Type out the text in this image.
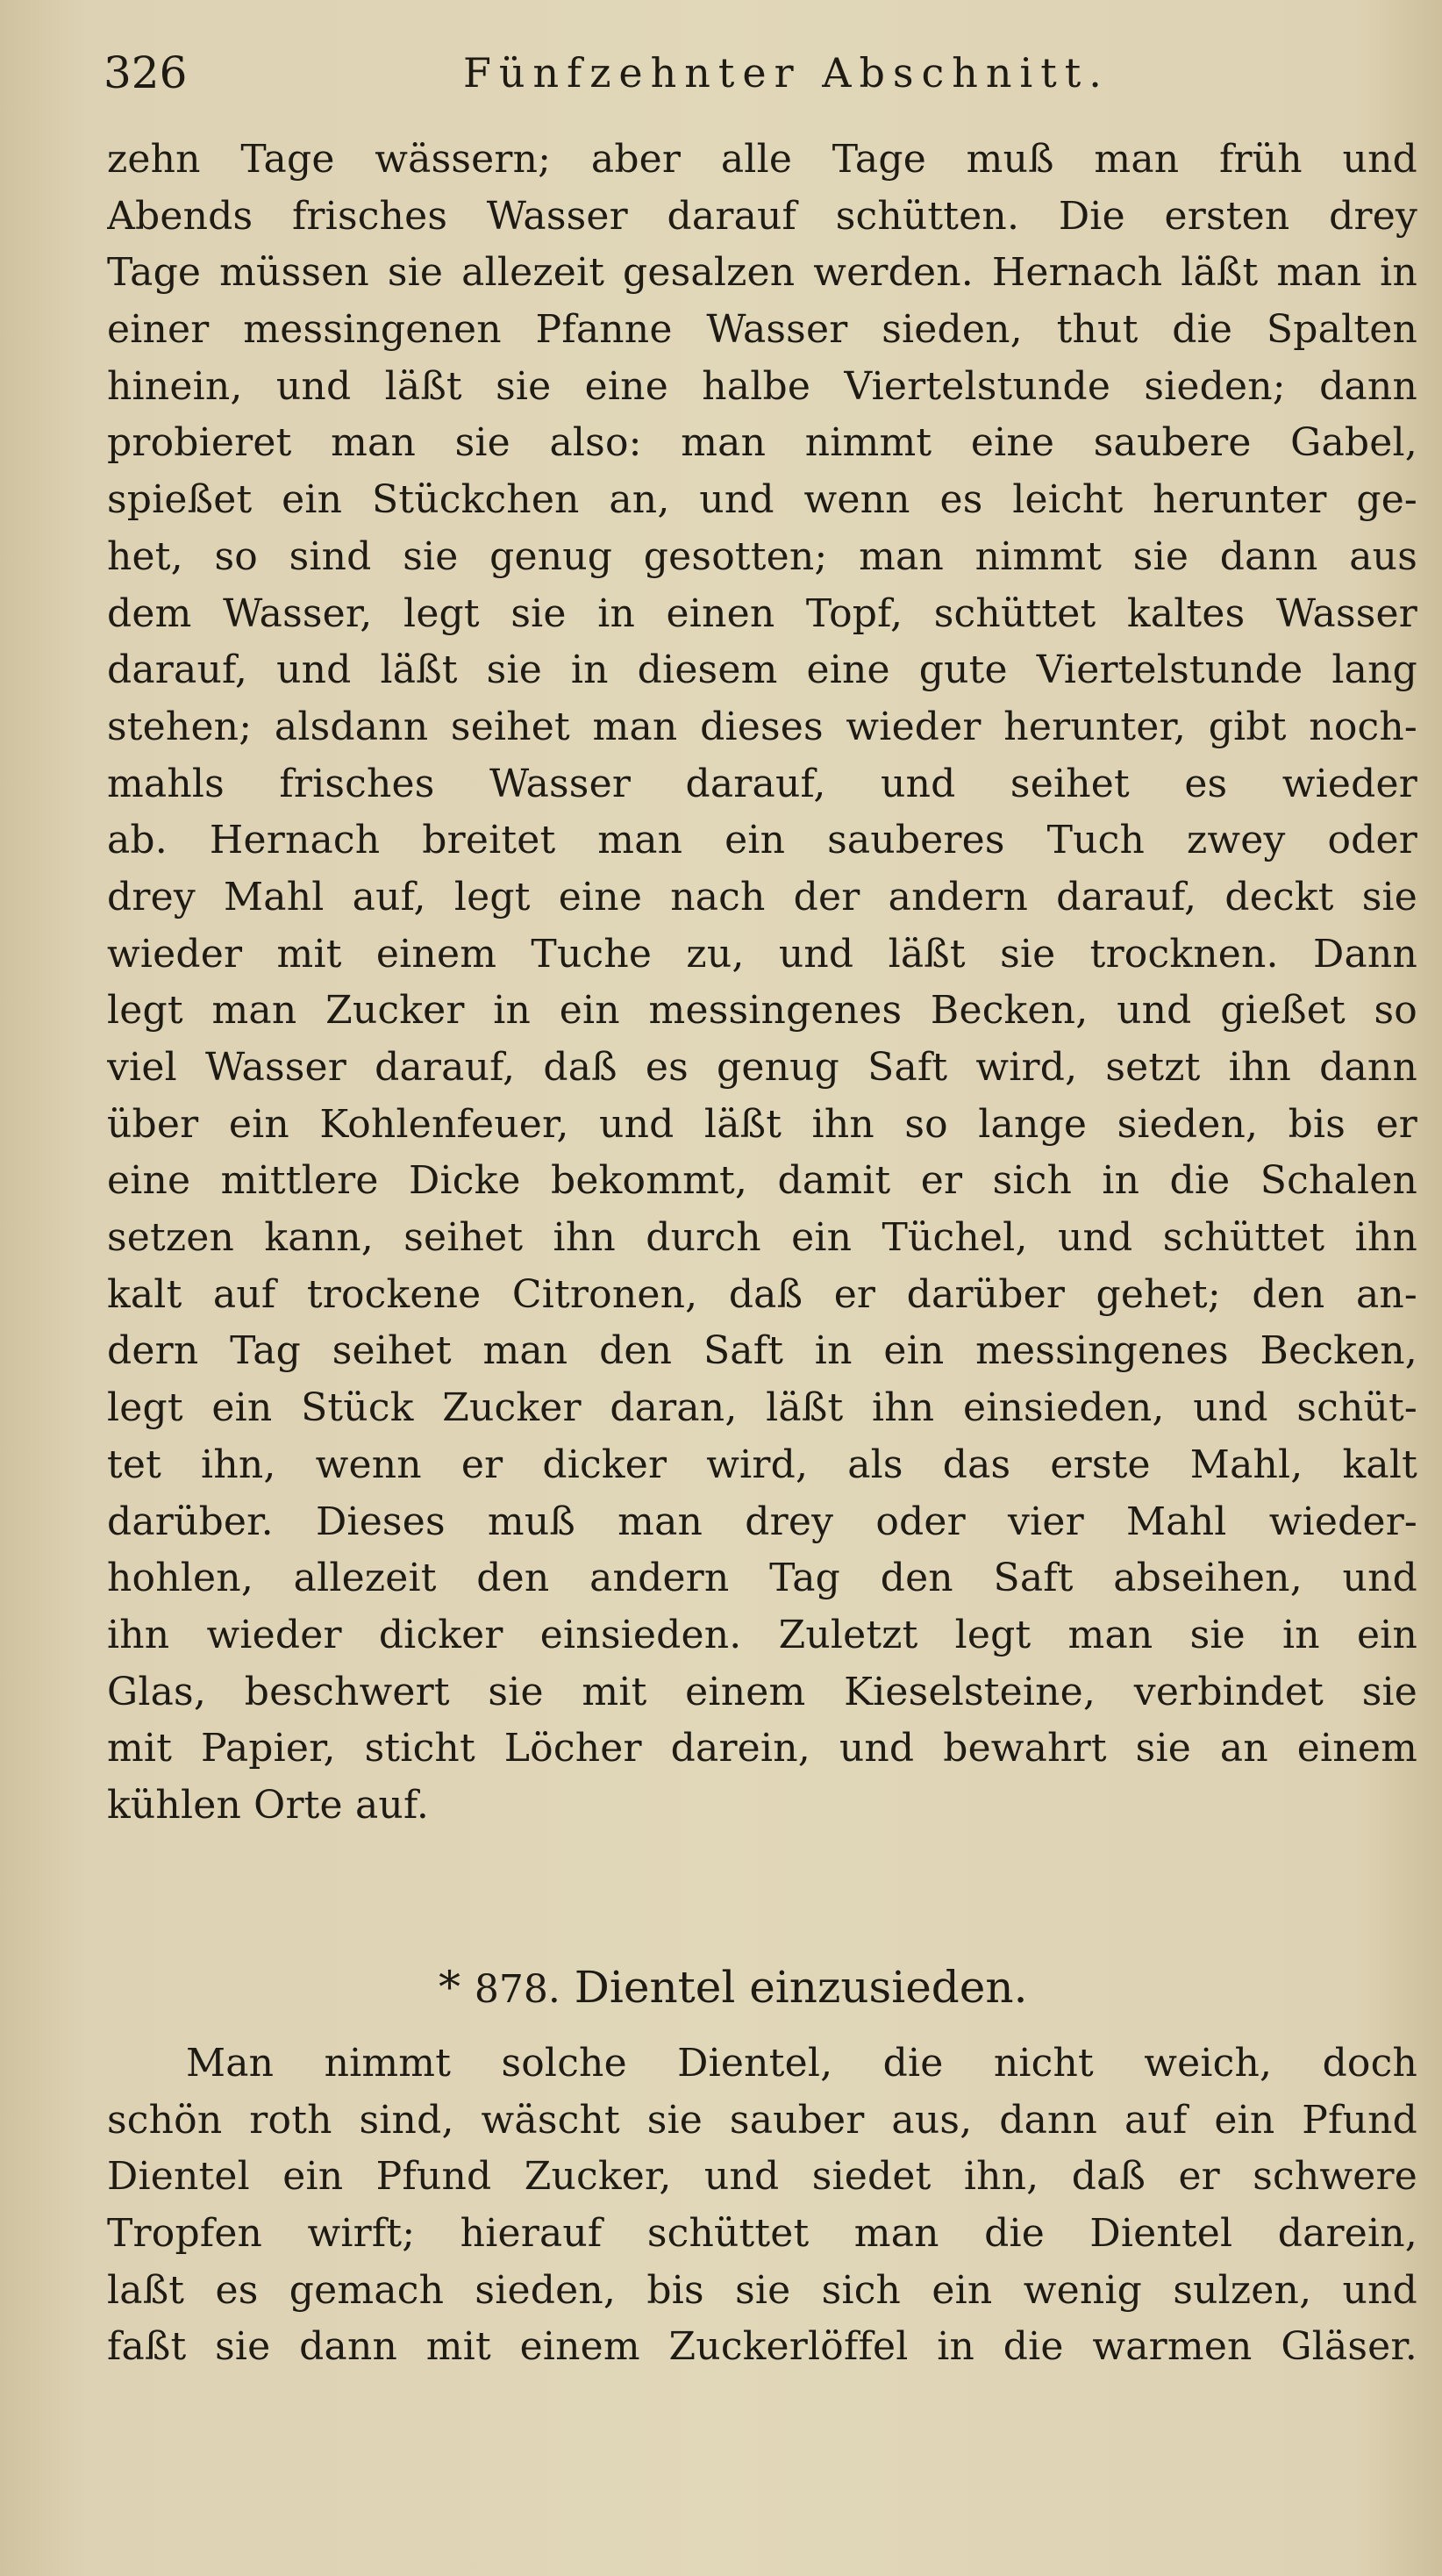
326	Fünfzehnter Abschnitt.
zehn Tage wässern; aber alle Tage muß man früh und
Abends frisches Wasser darauf schütten. Die ersten drey
Tage müssen sie allezeit gesalzen werden. Hernach läßt man in
einer messingenen Pfanne Wasser sieden, thut die Spalten
hinein, und läßt sie eine halbe Viertelstunde sieden; dann
probieret man sie also: man nimmt eine saubere Gabel,
spießet ein Stückchen an, und wenn es leicht herunter ge-
het, so sind sie genug gesotten; man nimmt sie dann aus
dem Wasser, legt sie in einen Topf, schüttet kaltes Wasser
darauf, und läßt sie in diesem eine gute Viertelstunde lang
stehen; alsdann seihet man dieses wieder herunter, gibt noch-
mahls frisches Wasser darauf, und seihet es wieder
ab. Hernach breitet man ein sauberes Tuch zwey oder
drey Mahl auf, legt eine nach der andern darauf, deckt sie
wieder mit einem Tuche zu, und läßt sie trocknen. Dann
legt man Zucker in ein messingenes Becken, und gießet so
viel Wasser darauf, daß es genug Saft wird, setzt ihn dann
über ein Kohlenfeuer, und läßt ihn so lange sieden, bis er
eine mittlere Dicke bekommt, damit er sich in die Schalen
setzen kann, seihet ihn durch ein Tüchel, und schüttet ihn
kalt auf trockene Citronen, daß er darüber gehet; den an-
dern Tag seihet man den Saft in ein messingenes Becken,
legt ein Stück Zucker daran, läßt ihn einsieden, und schüt-
tet ihn, wenn er dicker wird, als das erste Mahl, kalt
darüber. Dieses muß man drey oder vier Mahl wieder-
hohlen, allezeit den andern Tag den Saft abseihen, und
ihn wieder dicker einsieden. Zuletzt legt man sie in ein
Glas, beschwert sie mit einem Kieselsteine, verbindet sie
mit Papier, sticht Löcher darein, und bewahrt sie an einem
kühlen Orte auf.
* 878. Dientel einzusieden.
Man nimmt solche Dientel, die nicht weich, doch
schön roth sind, wäscht sie sauber aus, dann auf ein Pfund
Dientel ein Pfund Zucker, und siedet ihn, daß er schwere
Tropfen wirft; hierauf schüttet man die Dientel darein,
laßt es gemach sieden, bis sie sich ein wenig sulzen, und
faßt sie dann mit einem Zuckerlöffel in die warmen Gläser.
